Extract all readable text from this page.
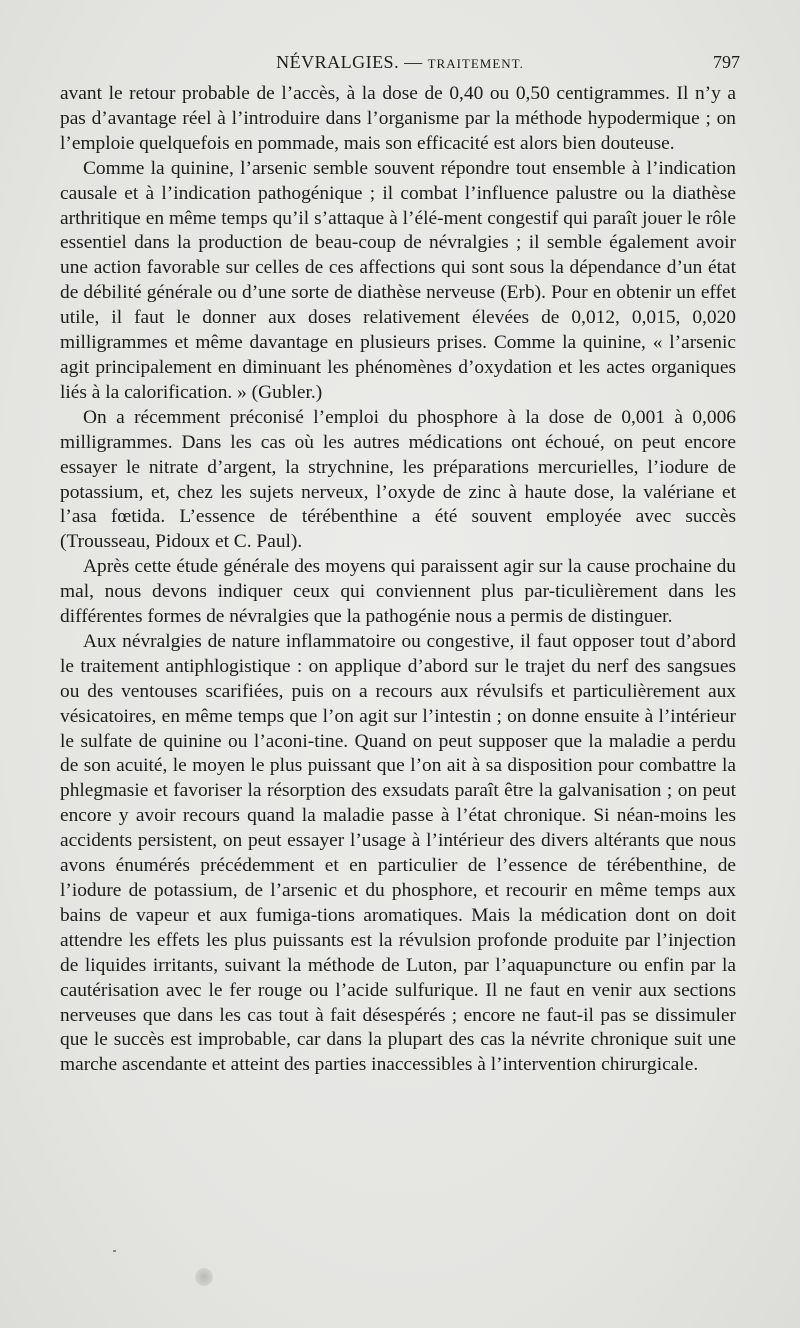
NÉVRALGIES. — TRAITEMENT.	797

avant le retour probable de l’accès, à la dose de 0,40 ou 0,50 centigrammes. Il n’y a pas d’avantage réel à l’introduire dans l’organisme par la méthode hypodermique ; on l’emploie quelquefois en pommade, mais son efficacité est alors bien douteuse.

Comme la quinine, l’arsenic semble souvent répondre tout ensemble à l’indication causale et à l’indication pathogénique ; il combat l’influence palustre ou la diathèse arthritique en même temps qu’il s’attaque à l’élé-ment congestif qui paraît jouer le rôle essentiel dans la production de beau-coup de névralgies ; il semble également avoir une action favorable sur celles de ces affections qui sont sous la dépendance d’un état de débilité générale ou d’une sorte de diathèse nerveuse (Erb). Pour en obtenir un effet utile, il faut le donner aux doses relativement élevées de 0,012, 0,015, 0,020 milligrammes et même davantage en plusieurs prises. Comme la quinine, « l’arsenic agit principalement en diminuant les phénomènes d’oxydation et les actes organiques liés à la calorification. » (Gubler.)

On a récemment préconisé l’emploi du phosphore à la dose de 0,001 à 0,006 milligrammes. Dans les cas où les autres médications ont échoué, on peut encore essayer le nitrate d’argent, la strychnine, les préparations mercurielles, l’iodure de potassium, et, chez les sujets nerveux, l’oxyde de zinc à haute dose, la valériane et l’asa fœtida. L’essence de térébenthine a été souvent employée avec succès (Trousseau, Pidoux et C. Paul).

Après cette étude générale des moyens qui paraissent agir sur la cause prochaine du mal, nous devons indiquer ceux qui conviennent plus par-ticulièrement dans les différentes formes de névralgies que la pathogénie nous a permis de distinguer.

Aux névralgies de nature inflammatoire ou congestive, il faut opposer tout d’abord le traitement antiphlogistique : on applique d’abord sur le trajet du nerf des sangsues ou des ventouses scarifiées, puis on a recours aux révulsifs et particulièrement aux vésicatoires, en même temps que l’on agit sur l’intestin ; on donne ensuite à l’intérieur le sulfate de quinine ou l’aconi-tine. Quand on peut supposer que la maladie a perdu de son acuité, le moyen le plus puissant que l’on ait à sa disposition pour combattre la phlegmasie et favoriser la résorption des exsudats paraît être la galvanisation ; on peut encore y avoir recours quand la maladie passe à l’état chronique. Si néan-moins les accidents persistent, on peut essayer l’usage à l’intérieur des divers altérants que nous avons énumérés précédemment et en particulier de l’essence de térébenthine, de l’iodure de potassium, de l’arsenic et du phosphore, et recourir en même temps aux bains de vapeur et aux fumiga-tions aromatiques. Mais la médication dont on doit attendre les effets les plus puissants est la révulsion profonde produite par l’injection de liquides irritants, suivant la méthode de Luton, par l’aquapuncture ou enfin par la cautérisation avec le fer rouge ou l’acide sulfurique. Il ne faut en venir aux sections nerveuses que dans les cas tout à fait désespérés ; encore ne faut-il pas se dissimuler que le succès est improbable, car dans la plupart des cas la névrite chronique suit une marche ascendante et atteint des parties inaccessibles à l’intervention chirurgicale.
